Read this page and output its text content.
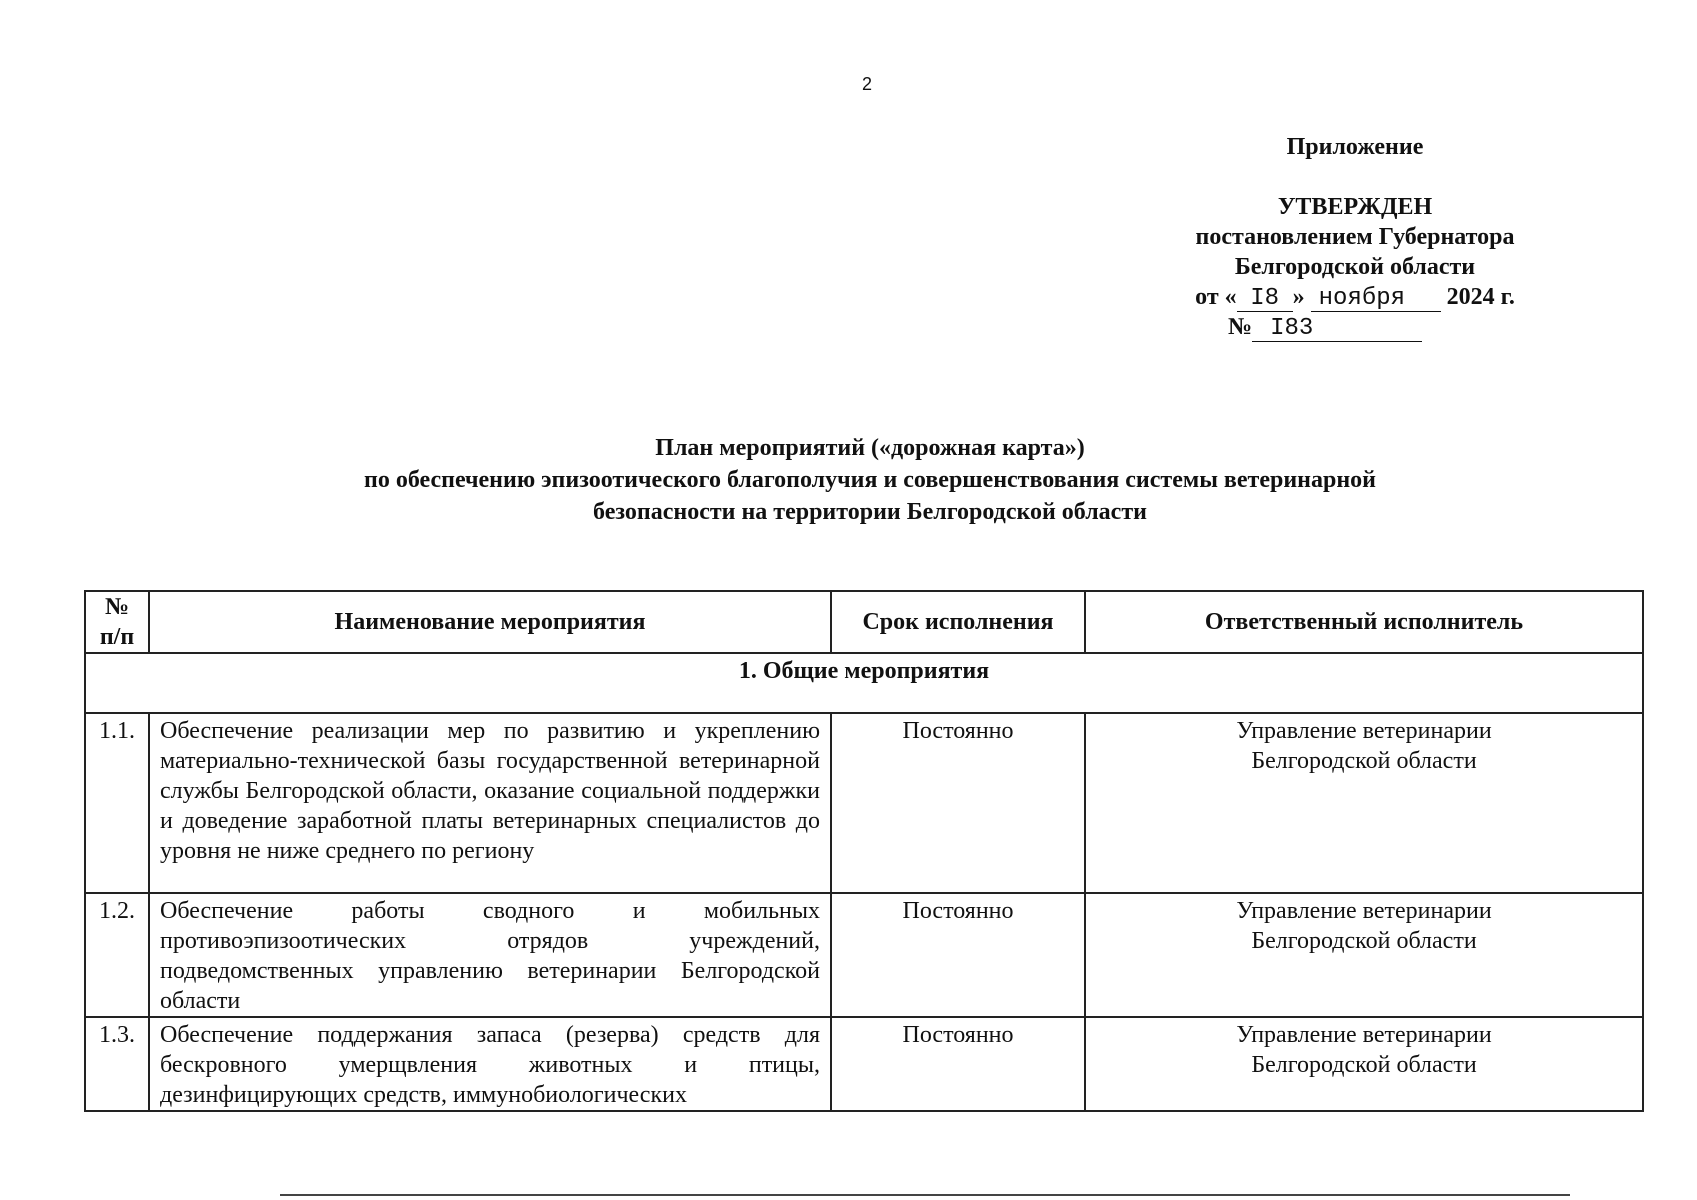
2
Приложение
УТВЕРЖДЕН
постановлением Губернатора
Белгородской области
от « I8 » ноября 2024 г.
№ I83
План мероприятий («дорожная карта»)
по обеспечению эпизоотического благополучия и совершенствования системы ветеринарной
безопасности на территории Белгородской области
№
п/п	Наименование мероприятия	Срок исполнения	Ответственный исполнитель
1. Общие мероприятия			
1.1.	Обеспечение реализации мер по развитию и укреплению материально-технической базы государственной ветеринарной службы Белгородской области, оказание социальной поддержки и доведение заработной платы ветеринарных специалистов до уровня не ниже среднего по региону	Постоянно	Управление ветеринарии
Белгородской области

1.2.	Обеспечение работы сводного и мобильных противоэпизоотических отрядов учреждений, подведомственных управлению ветеринарии Белгородской области	Постоянно	Управление ветеринарии
Белгородской области

1.3.	Обеспечение поддержания запаса (резерва) средств для бескровного умерщвления животных и птицы, дезинфицирующих средств, иммунобиологических	Постоянно	Управление ветеринарии
Белгородской области
